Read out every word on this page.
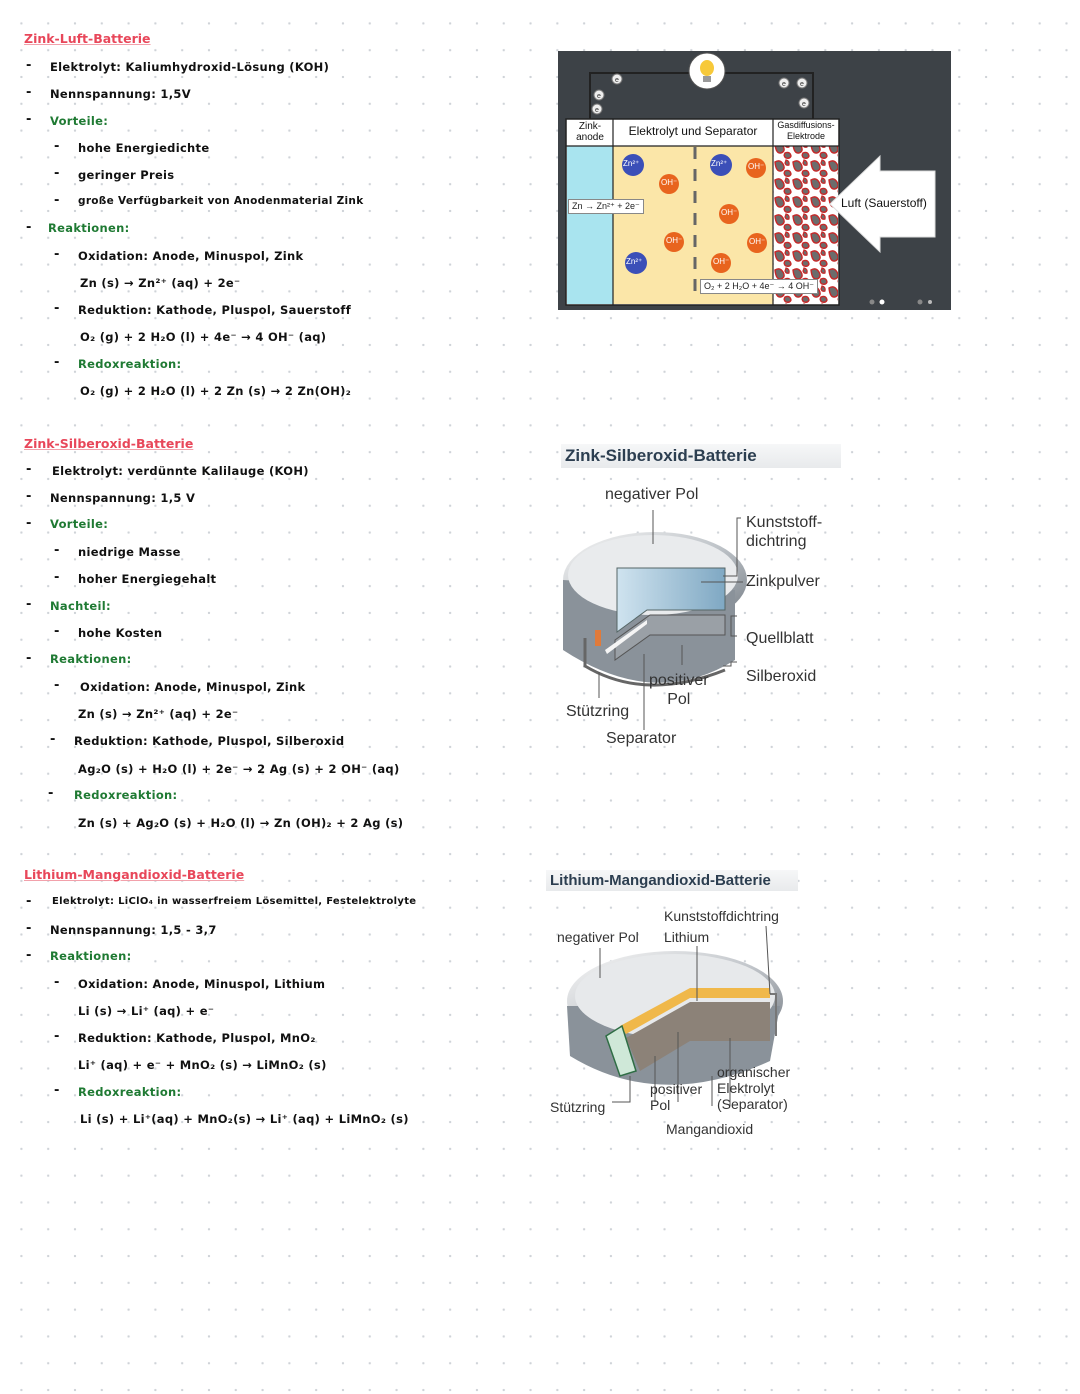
Zink-Luft-Batterie
- Elektrolyt: Kaliumhydroxid-Lösung (KOH)
- Nennspannung: 1,5V
- Vorteile:
- hohe Energiedichte
- geringer Preis
- große Verfügbarkeit von Anodenmaterial Zink
- Reaktionen:
- Oxidation: Anode, Minuspol, Zink
Zn (s) → Zn²⁺ (aq) + 2e⁻
- Reduktion: Kathode, Pluspol, Sauerstoff
O₂ (g) + 2 H₂O (l) + 4e⁻ → 4 OH⁻ (aq)
- Redoxreaktion:
O₂ (g) + 2 H₂O (l) + 2 Zn (s) → 2 Zn(OH)₂
Zink-Silberoxid-Batterie
- Elektrolyt: verdünnte Kalilauge (KOH)
- Nennspannung: 1,5 V
- Vorteile:
- niedrige Masse
- hoher Energiegehalt
- Nachteil:
- hohe Kosten
- Reaktionen:
- Oxidation: Anode, Minuspol, Zink
Zn (s) → Zn²⁺ (aq) + 2e⁻
- Reduktion: Kathode, Pluspol, Silberoxid
Ag₂O (s) + H₂O (l) + 2e⁻ → 2 Ag (s) + 2 OH⁻ (aq)
- Redoxreaktion:
Zn (s) + Ag₂O (s) + H₂O (l) → Zn (OH)₂ + 2 Ag (s)
Lithium-Mangandioxid-Batterie
- Elektrolyt: LiClO₄ in wasserfreiem Lösemittel, Festelektrolyte
- Nennspannung: 1,5 - 3,7
- Reaktionen:
- Oxidation: Anode, Minuspol, Lithium
Li (s) → Li⁺ (aq) + e⁻
- Reduktion: Kathode, Pluspol, MnO₂
Li⁺ (aq) + e⁻ + MnO₂ (s) → LiMnO₂ (s)
- Redoxreaktion:
Li (s) + Li⁺(aq) + MnO₂(s) → Li⁺ (aq) + LiMnO₂ (s)
e
e
e
e e
e
Zink-
anode	Elektrolyt und Separator	Gasdiffusions-
Elektrode
Zn → Zn²⁺ + 2e⁻
O₂ + 2 H₂O + 4e⁻ → 4 OH⁻
Luft (Sauerstoff)
Zn²⁺	Zn²⁺
Zn²⁺
OH⁻
OH⁻
OH⁻
OH⁻	OH⁻
OH⁻
Zink-Silberoxid-Batterie
negativer Pol
Kunststoff-
dichtring
Zinkpulver
Quellblatt
Silberoxid
positiver
Pol
Stützring
Separator
Lithium-Mangandioxid-Batterie
Kunststoffdichtring
negativer Pol Lithium
organischer
Elektrolyt
(Separator)
positiver
Pol
Stützring
Mangandioxid
